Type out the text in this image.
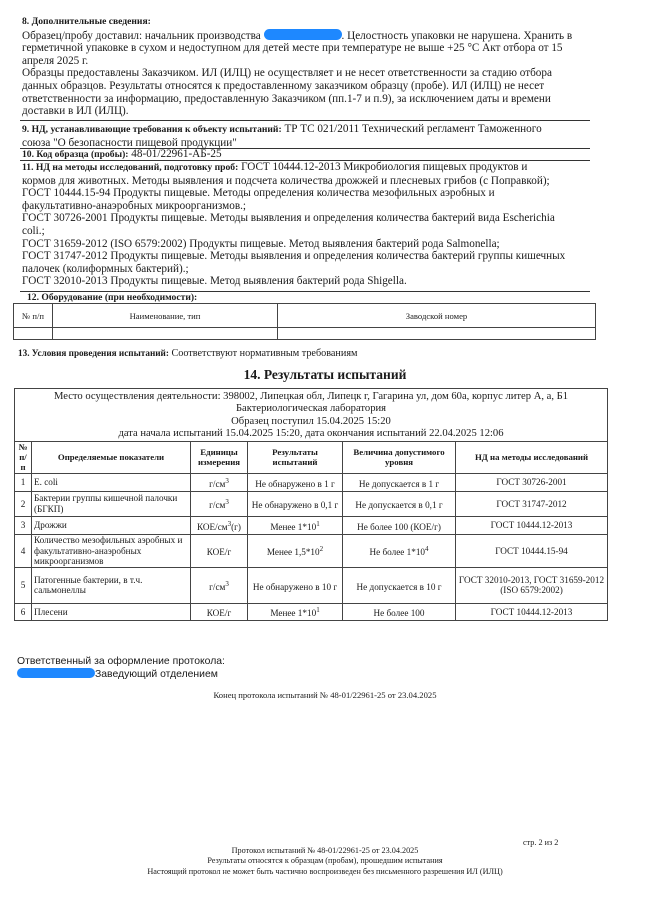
8. Дополнительные сведения:
Образец/пробу доставил: начальник производства	. Целостность упаковки не нарушена. Хранить в
герметичной упаковке в сухом и недоступном для детей месте при температуре не выше +25 °С Акт отбора от 15
апреля 2025 г.
Образцы предоставлены Заказчиком. ИЛ (ИЛЦ) не осуществляет и не несет ответственности за стадию отбора
данных образцов. Результаты относятся к предоставленному заказчиком образцу (пробе). ИЛ (ИЛЦ) не несет
ответственности за информацию, предоставленную Заказчиком (пп.1-7 и п.9), за исключением даты и времени
доставки в ИЛ (ИЛЦ).
9. НД, устанавливающие требования к объекту испытаний: ТР ТС 021/2011 Технический регламент Таможенного
союза "О безопасности пищевой продукции"
10. Код образца (пробы): 48-01/22961-АБ-25
11. НД на методы исследований, подготовку проб: ГОСТ 10444.12-2013 Микробиология пищевых продуктов и
кормов для животных. Методы выявления и подсчета количества дрожжей и плесневых грибов (с Поправкой);
ГОСТ 10444.15-94 Продукты пищевые. Методы определения количества мезофильных аэробных и
факультативно-анаэробных микроорганизмов.;
ГОСТ 30726-2001 Продукты пищевые. Методы выявления и определения количества бактерий вида Escherichia
coli.;
ГОСТ 31659-2012 (ISO 6579:2002) Продукты пищевые. Метод выявления бактерий рода Salmonella;
ГОСТ 31747-2012 Продукты пищевые. Методы выявления и определения количества бактерий группы кишечных
палочек (колиформных бактерий).;
ГОСТ 32010-2013 Продукты пищевые. Метод выявления бактерий рода Shigella.
12. Оборудование (при необходимости):
№ п/п	Наименование, тип	Заводской номер

13. Условия проведения испытаний: Соответствуют нормативным требованиям
14. Результаты испытаний
Место осуществления деятельности: 398002, Липецкая обл, Липецк г, Гагарина ул, дом 60а, корпус литер А, а, Б1
Бактериологическая лаборатория
Образец поступил 15.04.2025 15:20
дата начала испытаний 15.04.2025 15:20, дата окончания испытаний 22.04.2025 12:06					

№ п/п	Определяемые показатели	Единицы измерения	Результаты испытаний	Величина допустимого уровня	НД на методы исследований
1	E. coli	$г/см^3$	Не обнаружено в 1 г	Не допускается в 1 г	ГОСТ 30726-2001
2	Бактерии группы кишечной палочки (БГКП)	$г/см^3$	Не обнаружено в 0,1 г	Не допускается в 0,1 г	ГОСТ 31747-2012
3	Дрожжи	КОЕ/$см^3(г)$	Менее $1*10^1$	Не более 100 (КОЕ/г)	ГОСТ 10444.12-2013
4	Количество мезофильных аэробных и факультативно-анаэробных микроорганизмов	КОЕ/г	Менее $1,5*10^2$	Не более $1*10^4$	ГОСТ 10444.15-94
5	Патогенные бактерии, в т.ч. сальмонеллы	$г/см^3$	Не обнаружено в 10 г	Не допускается в 10 г	ГОСТ 32010-2013, ГОСТ 31659-2012 (ISO 6579:2002)
6	Плесени	КОЕ/г	Менее $1*10^1$	Не более 100	ГОСТ 10444.12-2013
Ответственный за оформление протокола:
Заведующий отделением
Конец протокола испытаний № 48-01/22961-25 от 23.04.2025
стр. 2 из 2
Протокол испытаний № 48-01/22961-25 от 23.04.2025
Результаты относятся к образцам (пробам), прошедшим испытания
Настоящий протокол не может быть частично воспроизведен без письменного разрешения ИЛ (ИЛЦ)
